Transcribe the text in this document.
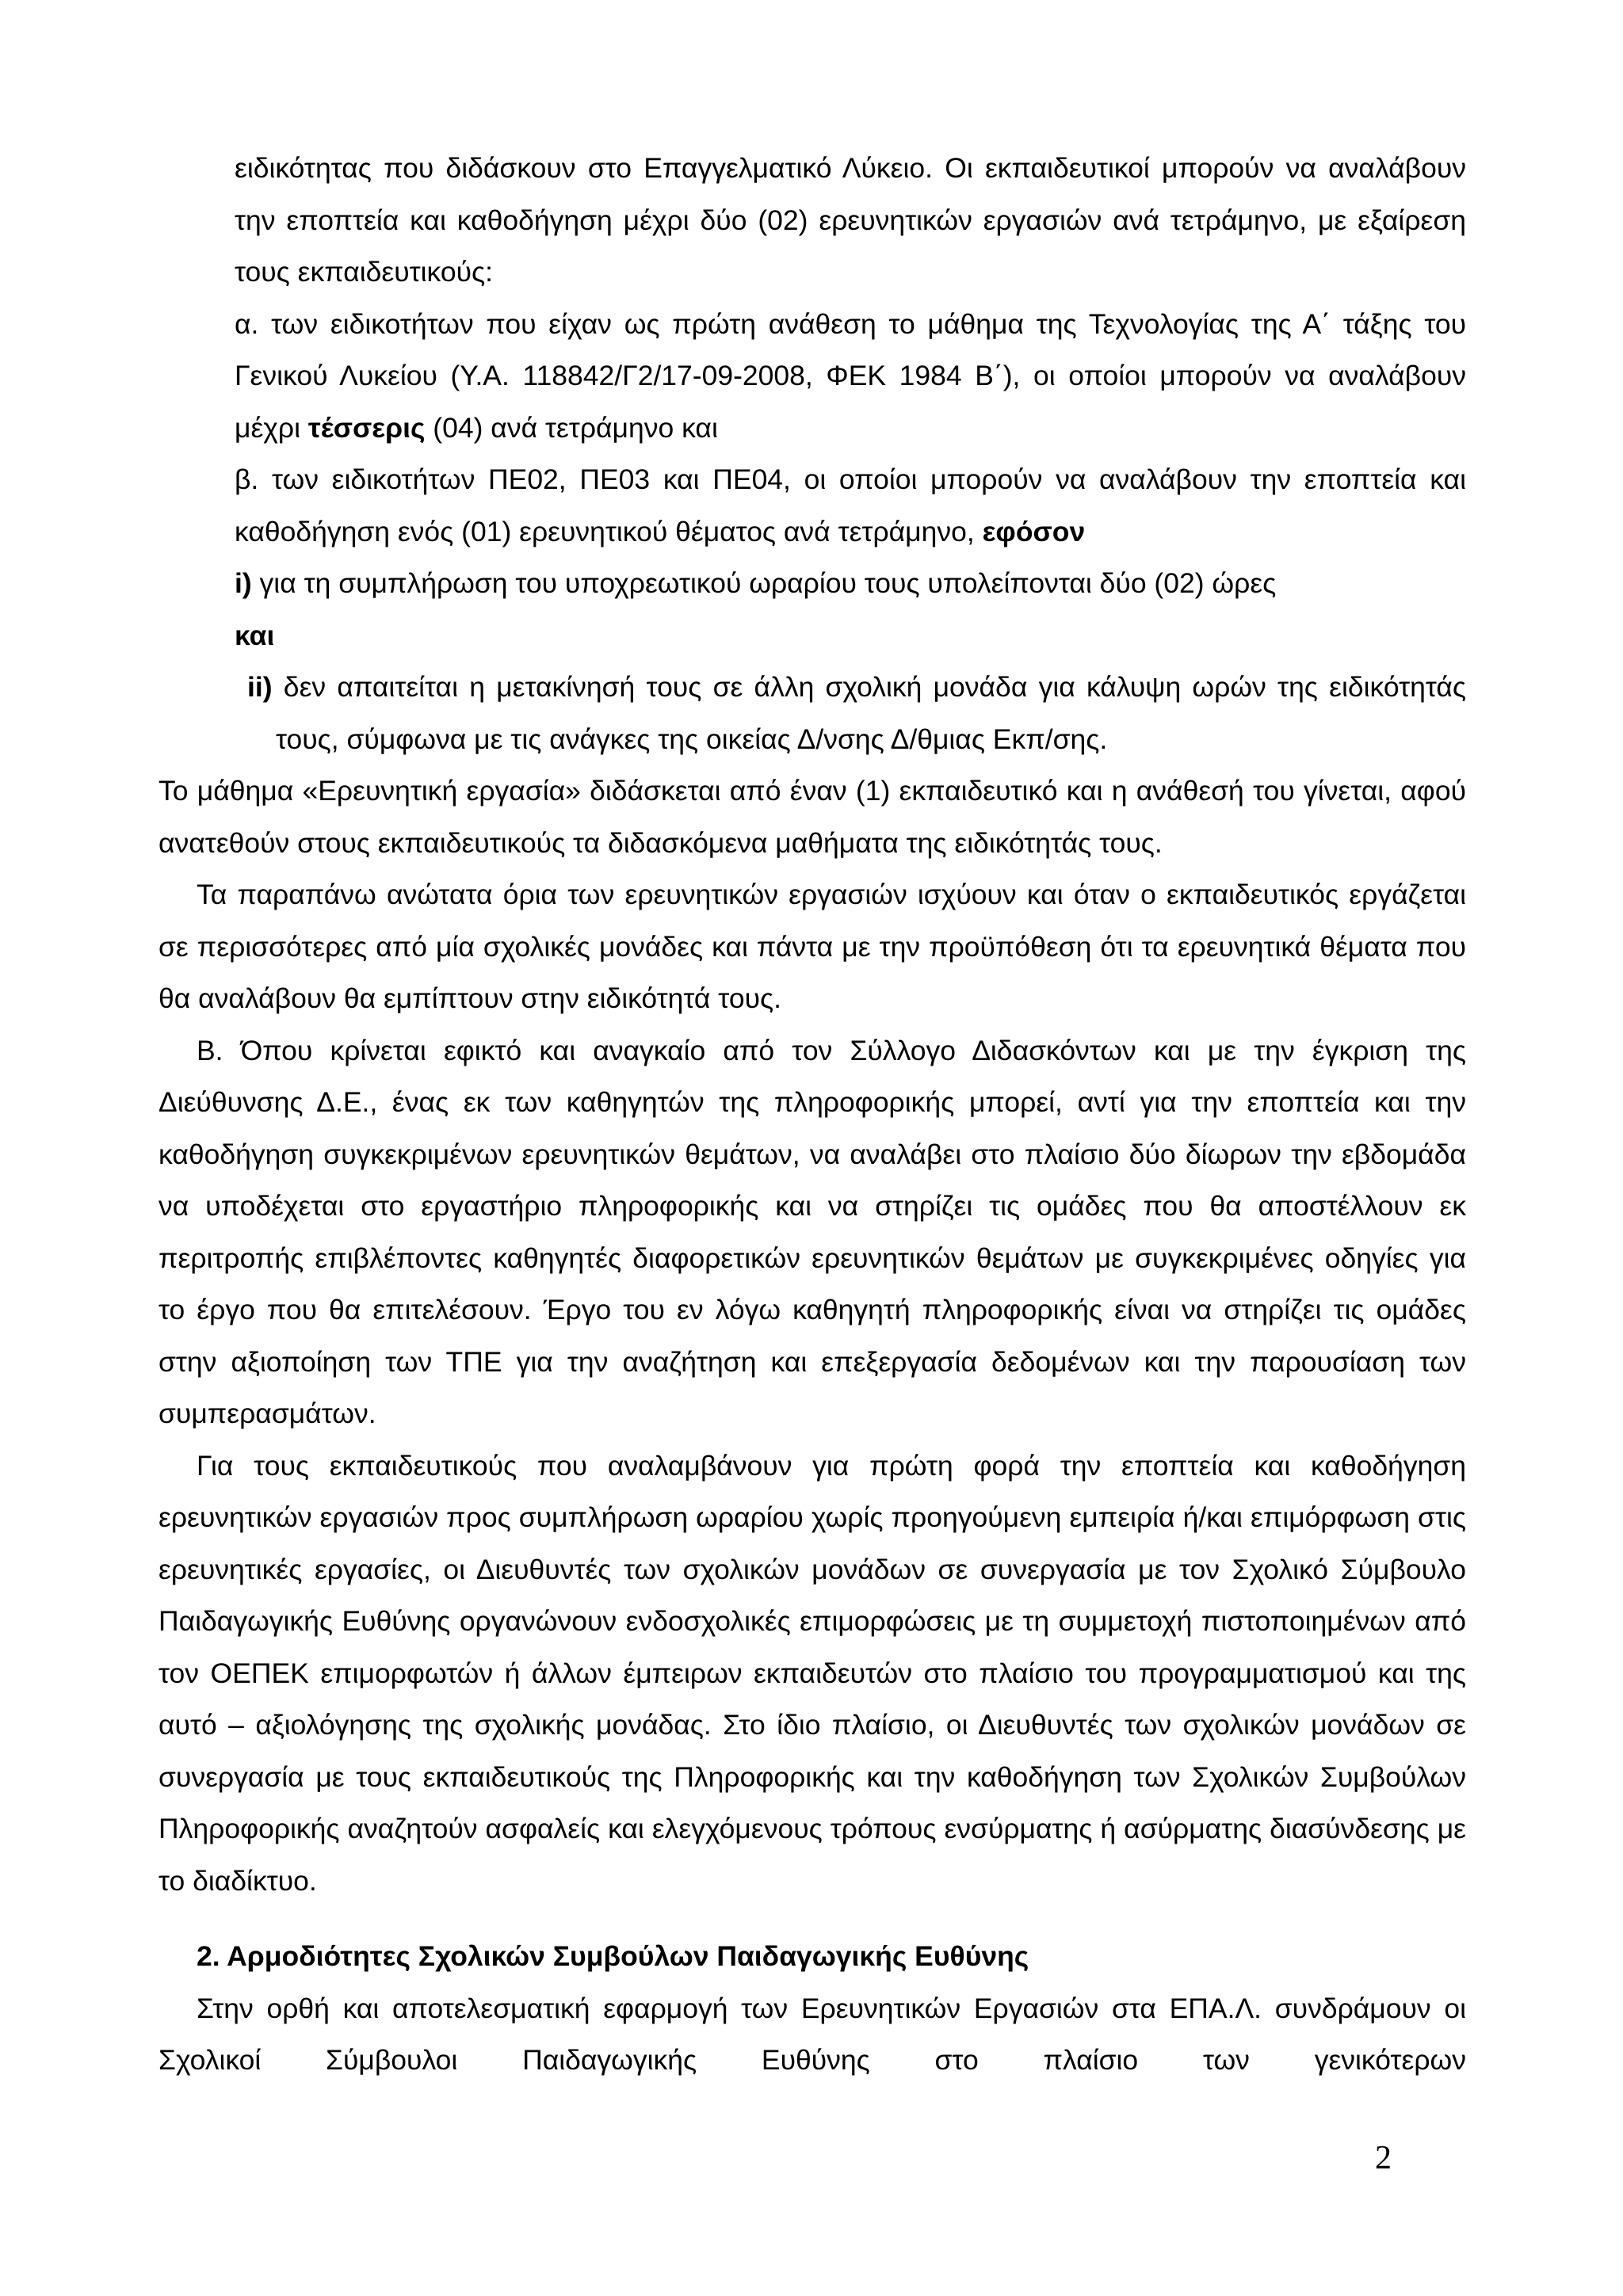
ειδικότητας που διδάσκουν στο Επαγγελματικό Λύκειο. Οι εκπαιδευτικοί μπορούν να αναλάβουν την εποπτεία και καθοδήγηση μέχρι δύο (02) ερευνητικών εργασιών ανά τετράμηνο, με εξαίρεση τους εκπαιδευτικούς:

α. των ειδικοτήτων που είχαν ως πρώτη ανάθεση το μάθημα της Τεχνολογίας της Α΄ τάξης του Γενικού Λυκείου (Υ.Α. 118842/Γ2/17-09-2008, ΦΕΚ 1984 Β΄), οι οποίοι μπορούν να αναλάβουν μέχρι τέσσερις (04) ανά τετράμηνο και

β. των ειδικοτήτων ΠΕ02, ΠΕ03 και ΠΕ04, οι οποίοι μπορούν να αναλάβουν την εποπτεία και καθοδήγηση ενός (01) ερευνητικού θέματος ανά τετράμηνο, εφόσον

i) για τη συμπλήρωση του υποχρεωτικού ωραρίου τους υπολείπονται δύο (02) ώρες

και

ii) δεν απαιτείται η μετακίνησή τους σε άλλη σχολική μονάδα για κάλυψη ωρών της ειδικότητάς τους, σύμφωνα με τις ανάγκες της οικείας Δ/νσης Δ/θμιας Εκπ/σης.

Το μάθημα «Ερευνητική εργασία» διδάσκεται από έναν (1) εκπαιδευτικό και η ανάθεσή του γίνεται, αφού ανατεθούν στους εκπαιδευτικούς τα διδασκόμενα μαθήματα της ειδικότητάς τους.

Τα παραπάνω ανώτατα όρια των ερευνητικών εργασιών ισχύουν και όταν ο εκπαιδευτικός εργάζεται σε περισσότερες από μία σχολικές μονάδες και πάντα με την προϋπόθεση ότι τα ερευνητικά θέματα που θα αναλάβουν θα εμπίπτουν στην ειδικότητά τους.

Β. Όπου κρίνεται εφικτό και αναγκαίο από τον Σύλλογο Διδασκόντων και με την έγκριση της Διεύθυνσης Δ.Ε., ένας εκ των καθηγητών της πληροφορικής μπορεί, αντί για την εποπτεία και την καθοδήγηση συγκεκριμένων ερευνητικών θεμάτων, να αναλάβει στο πλαίσιο δύο δίωρων την εβδομάδα να υποδέχεται στο εργαστήριο πληροφορικής και να στηρίζει τις ομάδες που θα αποστέλλουν εκ περιτροπής επιβλέποντες καθηγητές διαφορετικών ερευνητικών θεμάτων με συγκεκριμένες οδηγίες για το έργο που θα επιτελέσουν. Έργο του εν λόγω καθηγητή πληροφορικής είναι να στηρίζει τις ομάδες στην αξιοποίηση των ΤΠΕ για την αναζήτηση και επεξεργασία δεδομένων και την παρουσίαση των συμπερασμάτων.

Για τους εκπαιδευτικούς που αναλαμβάνουν για πρώτη φορά την εποπτεία και καθοδήγηση ερευνητικών εργασιών προς συμπλήρωση ωραρίου χωρίς προηγούμενη εμπειρία ή/και επιμόρφωση στις ερευνητικές εργασίες, οι Διευθυντές των σχολικών μονάδων σε συνεργασία με τον Σχολικό Σύμβουλο Παιδαγωγικής Ευθύνης οργανώνουν ενδοσχολικές επιμορφώσεις με τη συμμετοχή πιστοποιημένων από τον ΟΕΠΕΚ επιμορφωτών ή άλλων έμπειρων εκπαιδευτών στο πλαίσιο του προγραμματισμού και της αυτό – αξιολόγησης της σχολικής μονάδας. Στο ίδιο πλαίσιο, οι Διευθυντές των σχολικών μονάδων σε συνεργασία με τους εκπαιδευτικούς της Πληροφορικής και την καθοδήγηση των Σχολικών Συμβούλων Πληροφορικής αναζητούν ασφαλείς και ελεγχόμενους τρόπους ενσύρματης ή ασύρματης διασύνδεσης με το διαδίκτυο.

2. Αρμοδιότητες Σχολικών Συμβούλων Παιδαγωγικής Ευθύνης

Στην ορθή και αποτελεσματική εφαρμογή των Ερευνητικών Εργασιών στα ΕΠΑ.Λ. συνδράμουν οι Σχολικοί Σύμβουλοι Παιδαγωγικής Ευθύνης στο πλαίσιο των γενικότερων

2
